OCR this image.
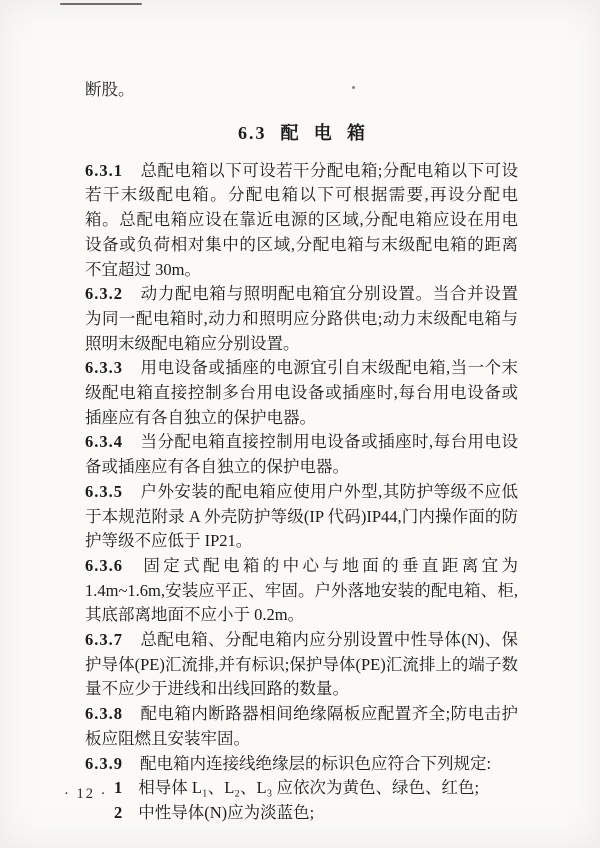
断股。

6.3 配电箱

6.3.1 总配电箱以下可设若干分配电箱;分配电箱以下可设若干末级配电箱。分配电箱以下可根据需要,再设分配电箱。总配电箱应设在靠近电源的区域,分配电箱应设在用电设备或负荷相对集中的区域,分配电箱与末级配电箱的距离不宜超过 30m。

6.3.2 动力配电箱与照明配电箱宜分别设置。当合并设置为同一配电箱时,动力和照明应分路供电;动力末级配电箱与照明末级配电箱应分别设置。

6.3.3 用电设备或插座的电源宜引自末级配电箱,当一个末级配电箱直接控制多台用电设备或插座时,每台用电设备或插座应有各自独立的保护电器。

6.3.4 当分配电箱直接控制用电设备或插座时,每台用电设备或插座应有各自独立的保护电器。

6.3.5 户外安装的配电箱应使用户外型,其防护等级不应低于本规范附录 A 外壳防护等级(IP 代码)IP44,门内操作面的防护等级不应低于 IP21。

6.3.6 固定式配电箱的中心与地面的垂直距离宜为 1.4m~1.6m,安装应平正、牢固。户外落地安装的配电箱、柜,其底部离地面不应小于 0.2m。

6.3.7 总配电箱、分配电箱内应分别设置中性导体(N)、保护导体(PE)汇流排,并有标识;保护导体(PE)汇流排上的端子数量不应少于进线和出线回路的数量。

6.3.8 配电箱内断路器相间绝缘隔板应配置齐全;防电击护板应阻燃且安装牢固。

6.3.9 配电箱内连接线绝缘层的标识色应符合下列规定:

1 相导体 L₁、L₂、L₃ 应依次为黄色、绿色、红色;

2 中性导体(N)应为淡蓝色;

· 12 ·
